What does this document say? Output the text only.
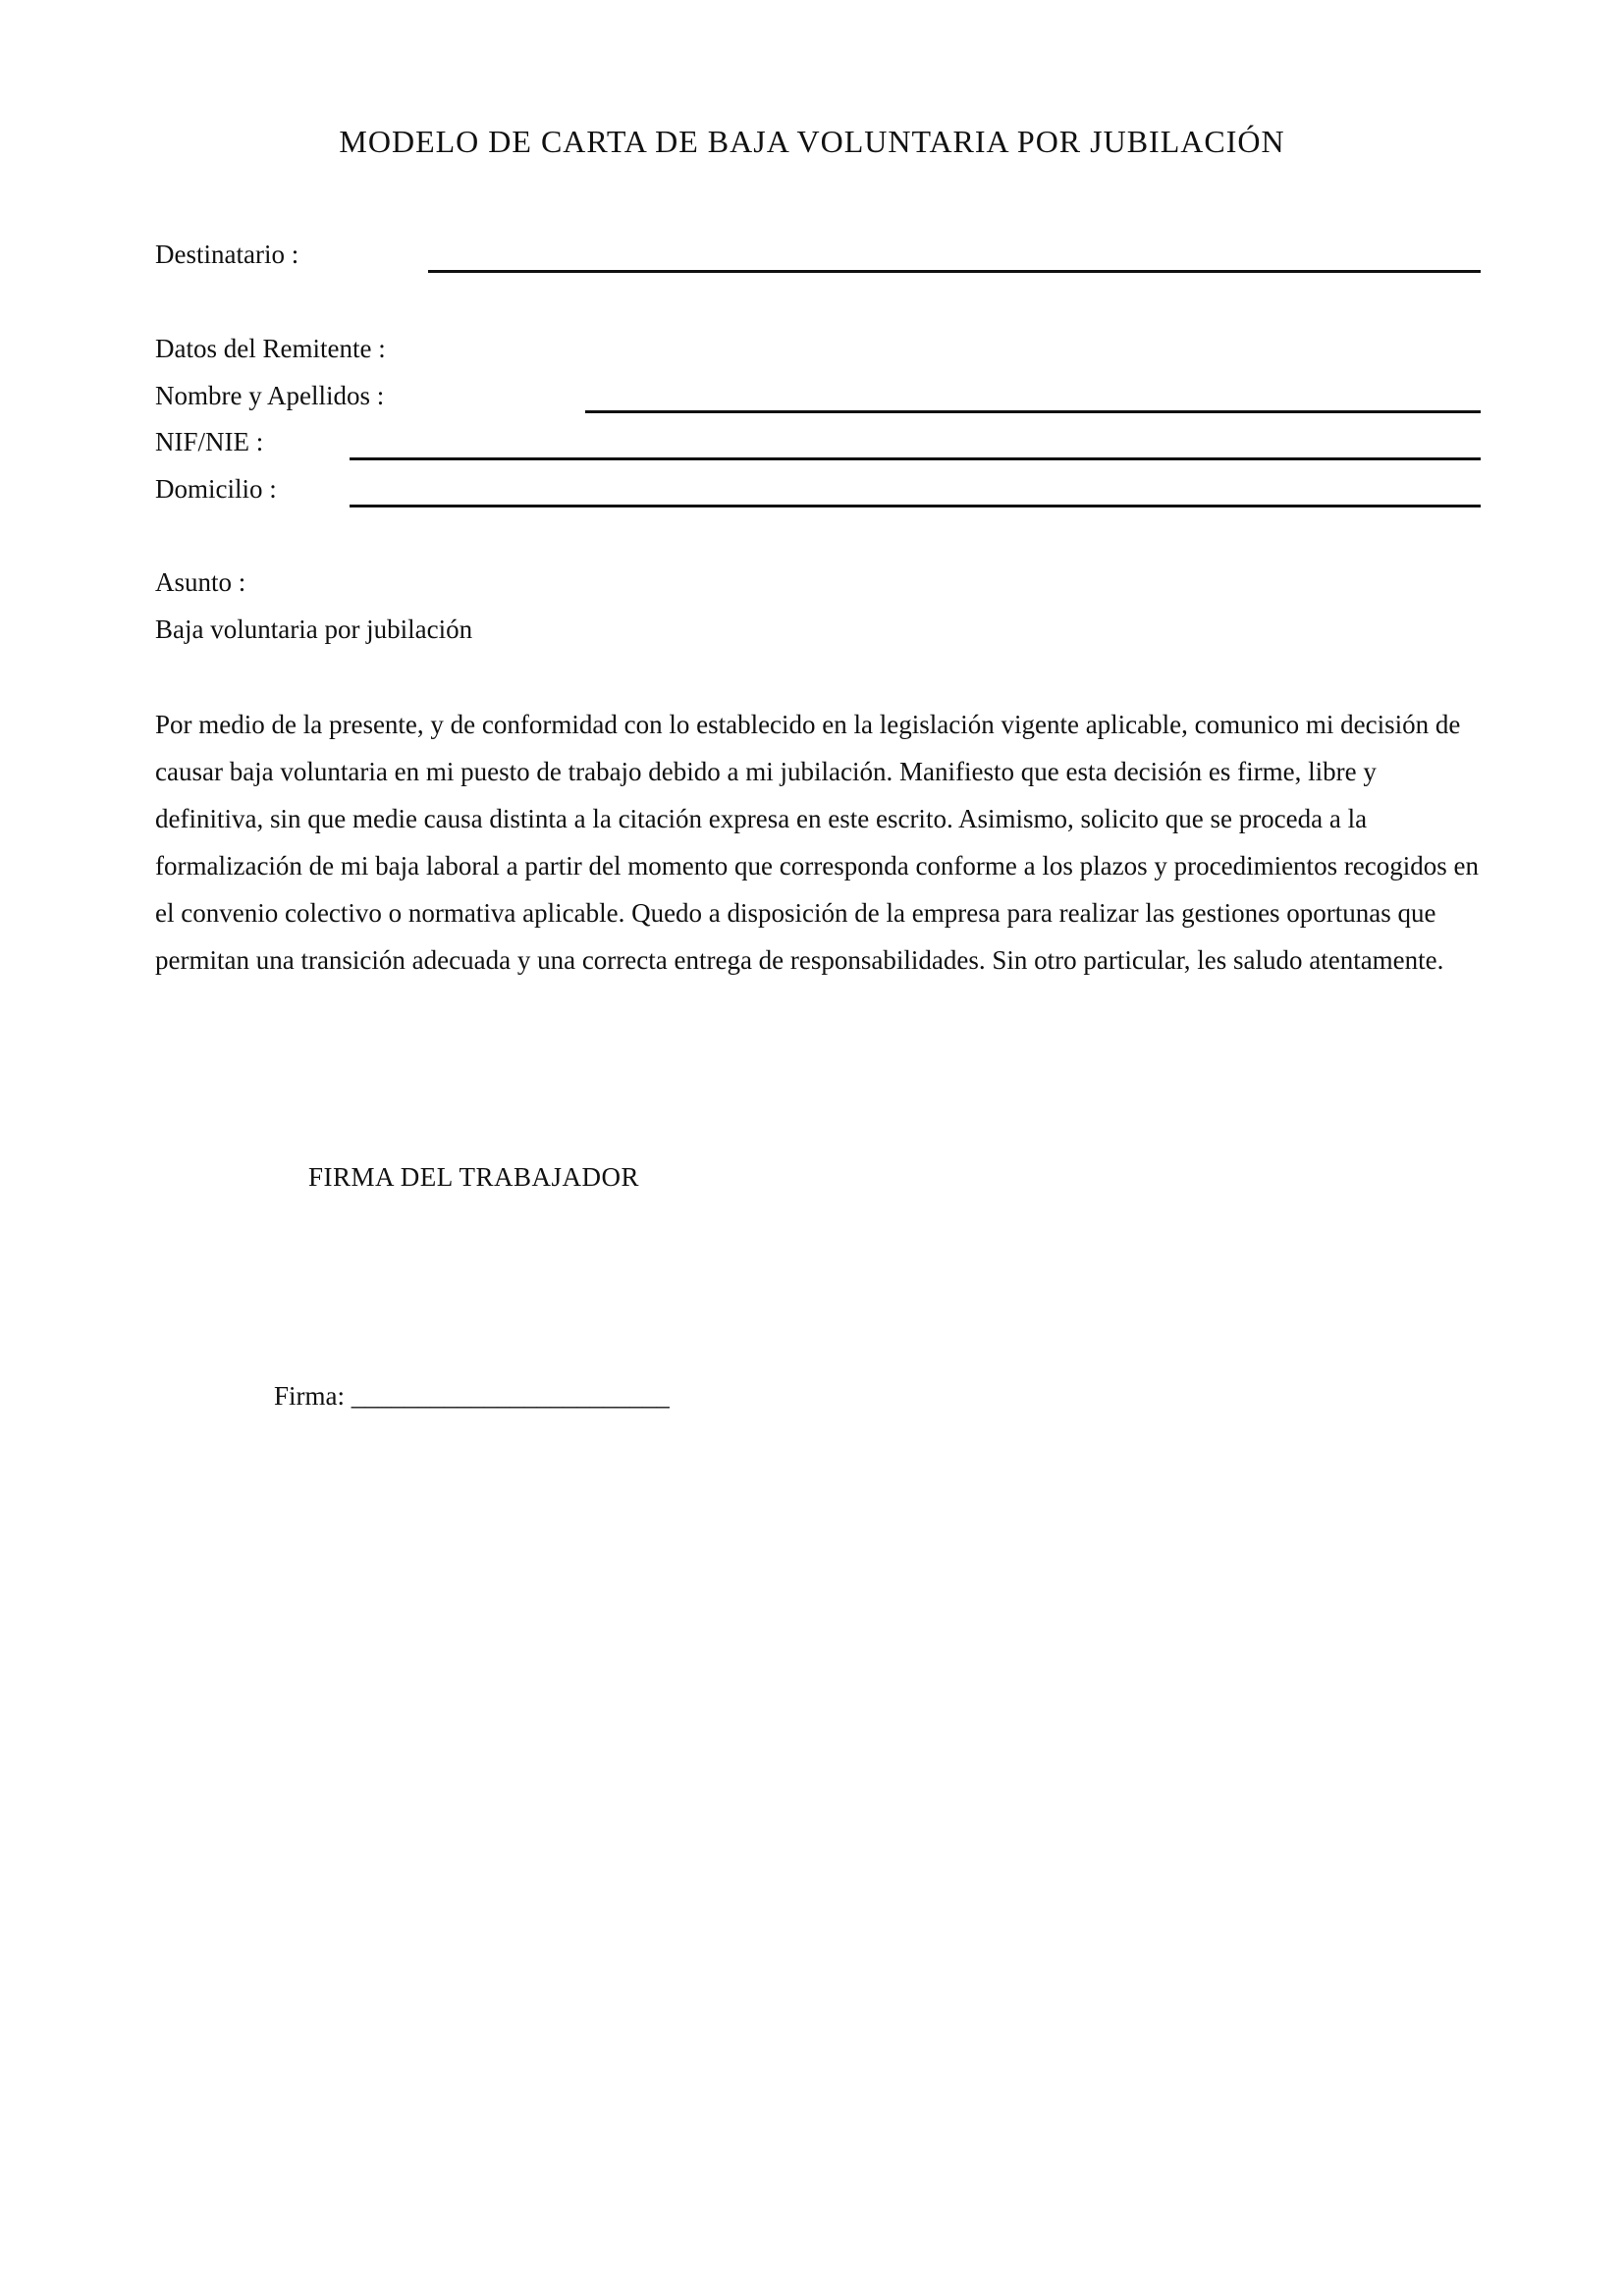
MODELO DE CARTA DE BAJA VOLUNTARIA POR JUBILACIÓN
Destinatario :
Datos del Remitente :
Nombre y Apellidos :
NIF/NIE :
Domicilio :
Asunto :
Baja voluntaria por jubilación
Por medio de la presente, y de conformidad con lo establecido en la legislación vigente aplicable, comunico mi decisión de causar baja voluntaria en mi puesto de trabajo debido a mi jubilación. Manifiesto que esta decisión es firme, libre y definitiva, sin que medie causa distinta a la citación expresa en este escrito. Asimismo, solicito que se proceda a la formalización de mi baja laboral a partir del momento que corresponda conforme a los plazos y procedimientos recogidos en el convenio colectivo o normativa aplicable. Quedo a disposición de la empresa para realizar las gestiones oportunas que permitan una transición adecuada y una correcta entrega de responsabilidades. Sin otro particular, les saludo atentamente.
FIRMA DEL TRABAJADOR
Firma: ________________________
